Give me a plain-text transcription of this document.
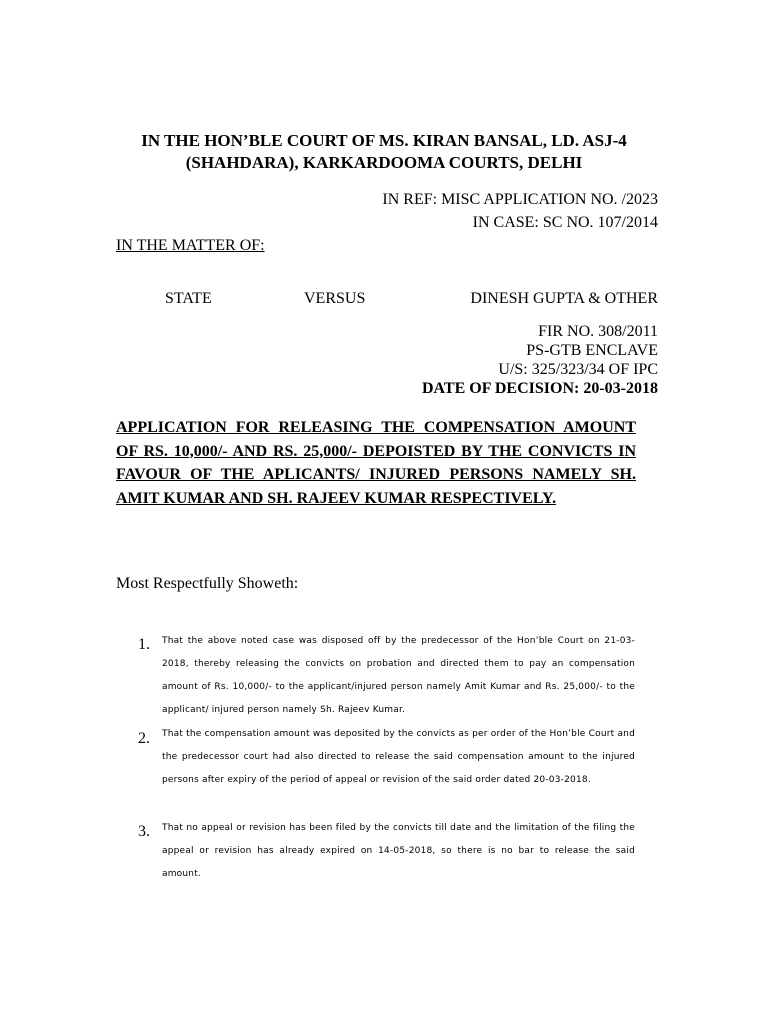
IN THE HON’BLE COURT OF MS. KIRAN BANSAL, LD. ASJ-4
(SHAHDARA), KARKARDOOMA COURTS, DELHI
IN REF: MISC APPLICATION NO. /2023
IN CASE: SC NO. 107/2014
IN THE MATTER OF:
STATE	VERSUS	DINESH GUPTA & OTHER
FIR NO. 308/2011
PS-GTB ENCLAVE
U/S: 325/323/34 OF IPC
DATE OF DECISION: 20-03-2018
APPLICATION FOR RELEASING THE COMPENSATION AMOUNT OF RS. 10,000/- AND RS. 25,000/- DEPOISTED BY THE CONVICTS IN FAVOUR OF THE APLICANTS/ INJURED PERSONS NAMELY SH. AMIT KUMAR AND SH. RAJEEV KUMAR RESPECTIVELY.
Most Respectfully Showeth:
1. That the above noted case was disposed off by the predecessor of the Hon’ble Court on 21-03-2018, thereby releasing the convicts on probation and directed them to pay an compensation amount of Rs. 10,000/- to the applicant/injured person namely Amit Kumar and Rs. 25,000/- to the applicant/ injured person namely Sh. Rajeev Kumar.
2. That the compensation amount was deposited by the convicts as per order of the Hon’ble Court and the predecessor court had also directed to release the said compensation amount to the injured persons after expiry of the period of appeal or revision of the said order dated 20-03-2018.
3. That no appeal or revision has been filed by the convicts till date and the limitation of the filing the appeal or revision has already expired on 14-05-2018, so there is no bar to release the said amount.
